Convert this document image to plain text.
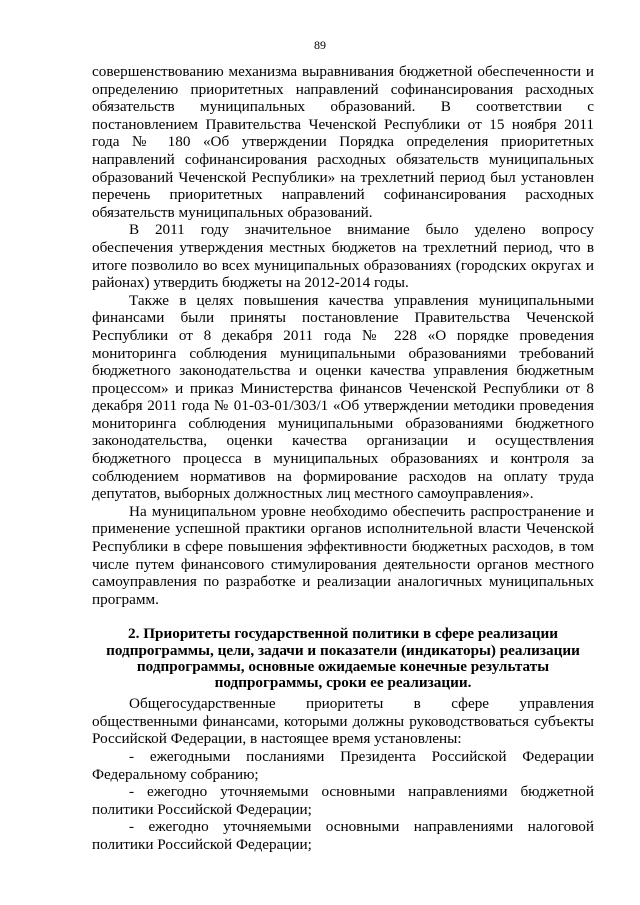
89

совершенствованию механизма выравнивания бюджетной обеспеченности и определению приоритетных направлений софинансирования расходных обязательств муниципальных образований. В соответствии с постановлением Правительства Чеченской Республики от 15 ноября 2011 года № 180 «Об утверждении Порядка определения приоритетных направлений софинансирования расходных обязательств муниципальных образований Чеченской Республики» на трехлетний период был установлен перечень приоритетных направлений софинансирования расходных обязательств муниципальных образований.

В 2011 году значительное внимание было уделено вопросу обеспечения утверждения местных бюджетов на трехлетний период, что в итоге позволило во всех муниципальных образованиях (городских округах и районах) утвердить бюджеты на 2012-2014 годы.

Также в целях повышения качества управления муниципальными финансами были приняты постановление Правительства Чеченской Республики от 8 декабря 2011 года № 228 «О порядке проведения мониторинга соблюдения муниципальными образованиями требований бюджетного законодательства и оценки качества управления бюджетным процессом» и приказ Министерства финансов Чеченской Республики от 8 декабря 2011 года № 01-03-01/303/1 «Об утверждении методики проведения мониторинга соблюдения муниципальными образованиями бюджетного законодательства, оценки качества организации и осуществления бюджетного процесса в муниципальных образованиях и контроля за соблюдением нормативов на формирование расходов на оплату труда депутатов, выборных должностных лиц местного самоуправления».

На муниципальном уровне необходимо обеспечить распространение и применение успешной практики органов исполнительной власти Чеченской Республики в сфере повышения эффективности бюджетных расходов, в том числе путем финансового стимулирования деятельности органов местного самоуправления по разработке и реализации аналогичных муниципальных программ.

2. Приоритеты государственной политики в сфере реализации подпрограммы, цели, задачи и показатели (индикаторы) реализации подпрограммы, основные ожидаемые конечные результаты подпрограммы, сроки ее реализации.

Общегосударственные приоритеты в сфере управления общественными финансами, которыми должны руководствоваться субъекты Российской Федерации, в настоящее время установлены:

- ежегодными посланиями Президента Российской Федерации Федеральному собранию;

- ежегодно уточняемыми основными направлениями бюджетной политики Российской Федерации;

- ежегодно уточняемыми основными направлениями налоговой политики Российской Федерации;
